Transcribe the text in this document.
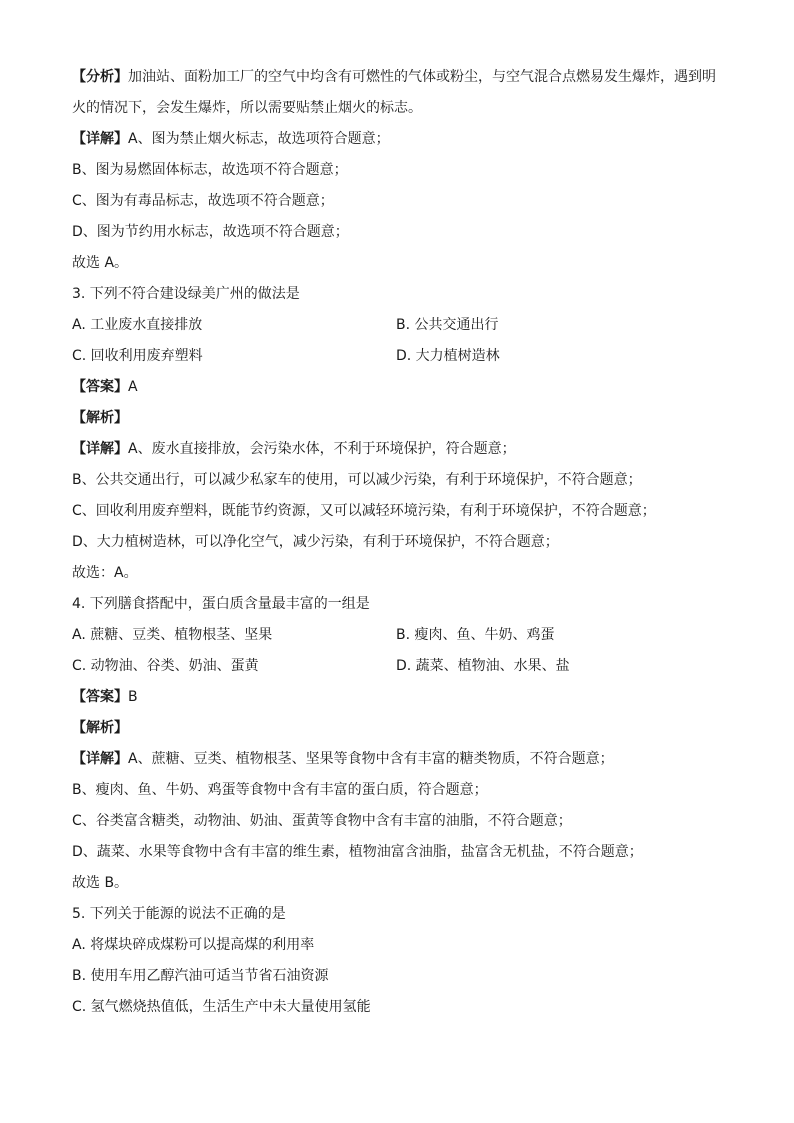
【分析】加油站、面粉加工厂的空气中均含有可燃性的气体或粉尘，与空气混合点燃易发生爆炸，遇到明
火的情况下，会发生爆炸，所以需要贴禁止烟火的标志。
【详解】A、图为禁止烟火标志，故选项符合题意；
B、图为易燃固体标志，故选项不符合题意；
C、图为有毒品标志，故选项不符合题意；
D、图为节约用水标志，故选项不符合题意；
故选 A。
3. 下列不符合建设绿美广州的做法是
A. 工业废水直接排放	B. 公共交通出行
C. 回收利用废弃塑料	D. 大力植树造林
【答案】A
【解析】
【详解】A、废水直接排放，会污染水体，不利于环境保护，符合题意；
B、公共交通出行，可以减少私家车的使用，可以减少污染，有利于环境保护，不符合题意；
C、回收利用废弃塑料，既能节约资源，又可以减轻环境污染，有利于环境保护，不符合题意；
D、大力植树造林，可以净化空气，减少污染，有利于环境保护，不符合题意；
故选：A。
4. 下列膳食搭配中，蛋白质含量最丰富的一组是
A. 蔗糖、豆类、植物根茎、坚果	B. 瘦肉、鱼、牛奶、鸡蛋
C. 动物油、谷类、奶油、蛋黄	D. 蔬菜、植物油、水果、盐
【答案】B
【解析】
【详解】A、蔗糖、豆类、植物根茎、坚果等食物中含有丰富的糖类物质，不符合题意；
B、瘦肉、鱼、牛奶、鸡蛋等食物中含有丰富的蛋白质，符合题意；
C、谷类富含糖类，动物油、奶油、蛋黄等食物中含有丰富的油脂，不符合题意；
D、蔬菜、水果等食物中含有丰富的维生素，植物油富含油脂，盐富含无机盐，不符合题意；
故选 B。
5. 下列关于能源的说法不正确的是
A. 将煤块碎成煤粉可以提高煤的利用率
B. 使用车用乙醇汽油可适当节省石油资源
C. 氢气燃烧热值低，生活生产中未大量使用氢能
